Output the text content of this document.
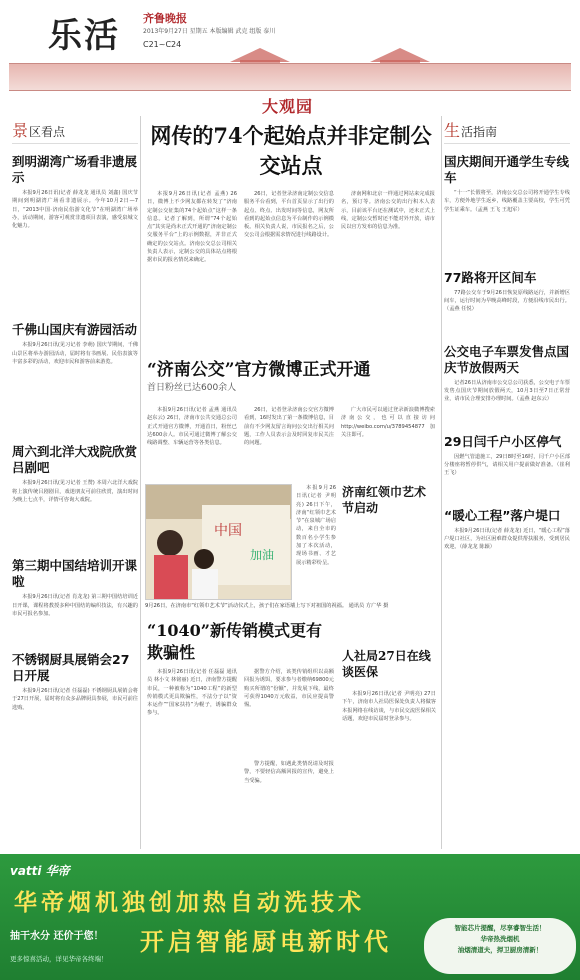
乐活 齐鲁晚报
2013年9月27日 星期五 本版编辑 武克 组版 泰川
C21~C24
大观园
景 区看点
到明湖湾广场看非遗展示

本报9月26日讯(记者 薛龙龙 通讯员 刘鑫) 国庆节期间到明湖湾广场看非遗展示。今年10月2日—7日，“2013中国·济南民俗游文化节”在明湖湾广场举办，活动期间，游客可观赏非遗项目表演，感受泉城文化魅力。

千佛山国庆有游园活动

本报9月26日讯(见习记者 李萌) 国庆节期间，千佛山景区将举办游园活动，届时将有书画展、民俗表演等丰富多彩的活动，欢迎市民和游客前来游览。

周六到北洋大戏院欣赏吕剧吧

本报9月26日讯(见习记者 王赞) 本周六北洋大戏院将上演传统吕剧剧目，戏迷朋友可前往欣赏，演出时间为晚上七点半，详情可咨询大戏院。

第三期中国结培训开课啦

本报9月26日讯(记者 肖龙龙) 第三期中国结培训近日开课，课程将教授多种中国结的编织技法，有兴趣的市民可报名参加。

不锈钢厨具展销会27日开展

本报9月26日讯(记者 任磊磊) 不锈钢厨具展销会将于27日开展，届时将有众多品牌厨具参展，市民可前往选购。

网传的74个起始点并非定制公交站点

本报9月26日讯(记者 孟燕) 26日，微博上不少网友都在转发了“济南定制公交征集的74个起始点”这样一条信息。记者了解到，所谓“74个起始点”其实是尚未正式开通的“济南定制公交服务平台”上的示例数据，并非正式确定的公交站点。济南公交总公司相关负责人表示，定制公交的具体站点将根据市民的报名情况来确定。

26日，记者登录济南定制公交信息服务平台看到，平台首页显示了出行的起点、终点、出发时间等信息，网友所看到的起始点信息为平台制作的示例模板。相关负责人说，市民报名之后，公交公司会根据需求情况进行线路设计。

济南网和北京一样通过网站来完成报名，预订等。济南公交的出行积木人表示，目前该平台还在测试中，还未正式上线，定制公交暂时还不能对外开放，请市民以官方发布的信息为准。

“济南公交”官方微博正式开通
首日粉丝已达600余人

本报9月26日讯(记者 孟燕 通讯员 赵东云) 26日，济南市公共交通总公司正式开通官方微博，开通首日，粉丝已达600余人。市民可通过微博了解公交线路调整、车辆运营等各类信息。

26日，记者登录济南公交官方微博看到，16时发出了第一条微博信息，目前有不少网友留言询问公交出行相关问题，工作人员表示会及时回复市民关注的问题。

广大市民可以通过登录新浪微博搜索济南公交，也可以直接访问 http://weibo.com/u/3789454877 加关注即可。

中国
加油

本报9月26日讯(记者 尹明亮) 26日下午，济南“红领巾艺术节”在泉城广场启动，来自全市的数百名小学生参加了本次活动，现场书画、才艺展示精彩纷呈。

济南红领巾艺术节启动

9月26日，在济南市“红领巾艺术节”活动仪式上，孩子们在家语墙上写下对祖国的祝福。 通讯员 方广华 摄

“1040”新传销模式更有欺骗性

本报9月26日讯(记者 任磊磊 通讯员 林小文 林铭丽) 近日，济南警方提醒市民，一种被称为“1040工程”的新型传销模式更具欺骗性，不法分子以“资本运作”“国家扶持”为幌子，诱骗群众参与。

据警方介绍，该类传销组织以高额回报为诱饵，要求参与者缴纳69800元购买所谓的“份额”，并发展下线，最终可获得1040万元收益，市民应提高警惕。

人社局27日在线谈医保

本报9月26日讯(记者 尹明亮) 27日下午，济南市人社局医保处负责人将做客本报网络在线访谈，与市民交流医保相关话题，欢迎市民届时登录参与。

警方提醒，如遇此类情况请及时报警，不要轻信高额回报的宣传，避免上当受骗。

生 活指南
国庆期间开通学生专线车

“十一”长假将至，济南公交总公司将开通学生专线车，方便外地学生返乡，线路覆盖主要高校，学生可凭学生证乘车。（孟燕 王飞 王旭军）

77路将开区间车

77路公交车于9月26日恢复原线路运行，并新增区间车，运行时间为早晚高峰时段，方便沿线市民出行。（孟燕 任悦）

公交电子车票发售点国庆节放假两天

记者26日从济南市公交总公司获悉，公交电子车票发售点国庆节期间放假两天，10月3日至7日正常营业，请市民合理安排办理时间。（孟燕 赵东云）

29日闫千户小区停气

因燃气管道施工，29日8时至16时，闫千户小区部分楼座将暂停供气，请相关用户提前做好准备。（崔利 王飞）

“暖心工程”落户堤口

本报9月26日讯(记者 薛龙龙) 近日，“暖心工程”落户堤口社区，为社区困难群众提供帮扶服务，受到居民欢迎。（薛龙龙 陈颖）

vatti 华帝
华帝烟机独创加热自动洗技术
抽干水分 还价于您！ 开启智能厨电新时代
更多惊喜活动，详见华帝各终端！
智能芯片提醒，尽享睿智生活！
华帝热洗烟机
油烟清道夫，捍卫厨房清新！
